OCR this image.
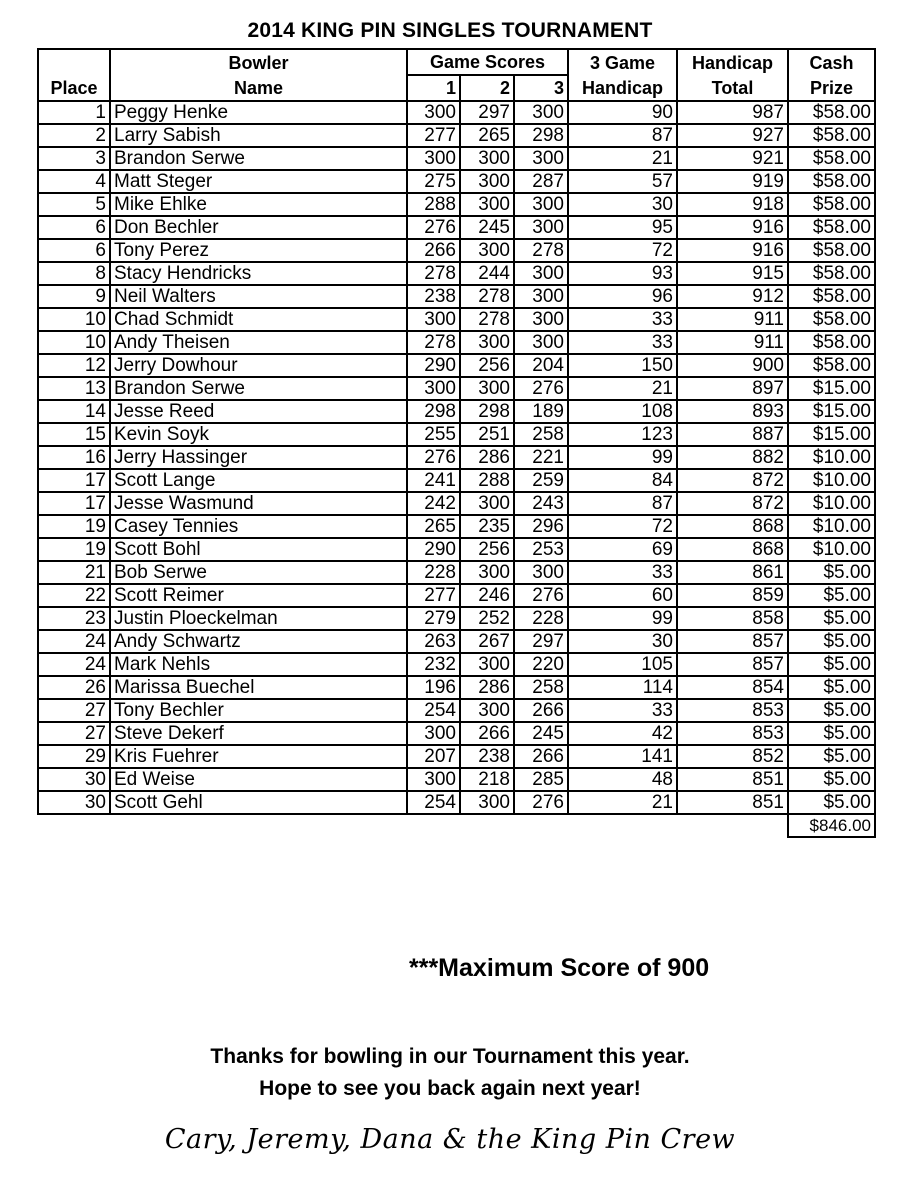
2014 KING PIN SINGLES TOURNAMENT
	Bowler	Game Scores			3 Game	Handicap	Cash
Place	Name	1	2	3	Handicap	Total	Prize
1	Peggy Henke	300	297	300	90	987	$58.00
2	Larry Sabish	277	265	298	87	927	$58.00
3	Brandon Serwe	300	300	300	21	921	$58.00
4	Matt Steger	275	300	287	57	919	$58.00
5	Mike Ehlke	288	300	300	30	918	$58.00
6	Don Bechler	276	245	300	95	916	$58.00
6	Tony Perez	266	300	278	72	916	$58.00
8	Stacy Hendricks	278	244	300	93	915	$58.00
9	Neil Walters	238	278	300	96	912	$58.00
10	Chad Schmidt	300	278	300	33	911	$58.00
10	Andy Theisen	278	300	300	33	911	$58.00
12	Jerry Dowhour	290	256	204	150	900	$58.00
13	Brandon Serwe	300	300	276	21	897	$15.00
14	Jesse Reed	298	298	189	108	893	$15.00
15	Kevin Soyk	255	251	258	123	887	$15.00
16	Jerry Hassinger	276	286	221	99	882	$10.00
17	Scott Lange	241	288	259	84	872	$10.00
17	Jesse Wasmund	242	300	243	87	872	$10.00
19	Casey Tennies	265	235	296	72	868	$10.00
19	Scott Bohl	290	256	253	69	868	$10.00
21	Bob Serwe	228	300	300	33	861	$5.00
22	Scott Reimer	277	246	276	60	859	$5.00
23	Justin Ploeckelman	279	252	228	99	858	$5.00
24	Andy Schwartz	263	267	297	30	857	$5.00
24	Mark Nehls	232	300	220	105	857	$5.00
26	Marissa Buechel	196	286	258	114	854	$5.00
27	Tony Bechler	254	300	266	33	853	$5.00
27	Steve Dekerf	300	266	245	42	853	$5.00
29	Kris Fuehrer	207	238	266	141	852	$5.00
30	Ed Weise	300	218	285	48	851	$5.00
30	Scott Gehl	254	300	276	21	851	$5.00
							$846.00
***Maximum Score of 900
Thanks for bowling in our Tournament this year.
Hope to see you back again next year!
Cary, Jeremy, Dana & the King Pin Crew
